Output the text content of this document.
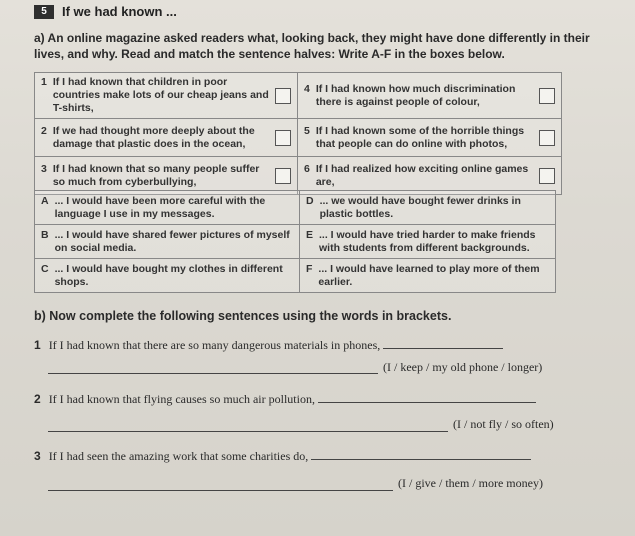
5	If we had known ...
a) An online magazine asked readers what, looking back, they might have done differently in their lives, and why. Read and match the sentence halves: Write A-F in the boxes below.
1 If I had known that children in poor countries make lots of our cheap jeans and T-shirts,	4 If I had known how much discrimination there is against people of colour,

2 If we had thought more deeply about the damage that plastic does in the ocean,	5 If I had known some of the horrible things that people can do online with photos,

3 If I had known that so many people suffer so much from cyberbullying,	6 If I had realized how exciting online games are,
A ... I would have been more careful with the language I use in my messages.	D ... we would have bought fewer drinks in plastic bottles.

B ... I would have shared fewer pictures of myself on social media.	E ... I would have tried harder to make friends with students from different backgrounds.

C ... I would have bought my clothes in different shops.	F ... I would have learned to play more of them earlier.
b) Now complete the following sentences using the words in brackets.
1 If I had known that there are so many dangerous materials in phones,
(I / keep / my old phone / longer)
2 If I had known that flying causes so much air pollution,
(I / not fly / so often)
3 If I had seen the amazing work that some charities do,
(I / give / them / more money)
